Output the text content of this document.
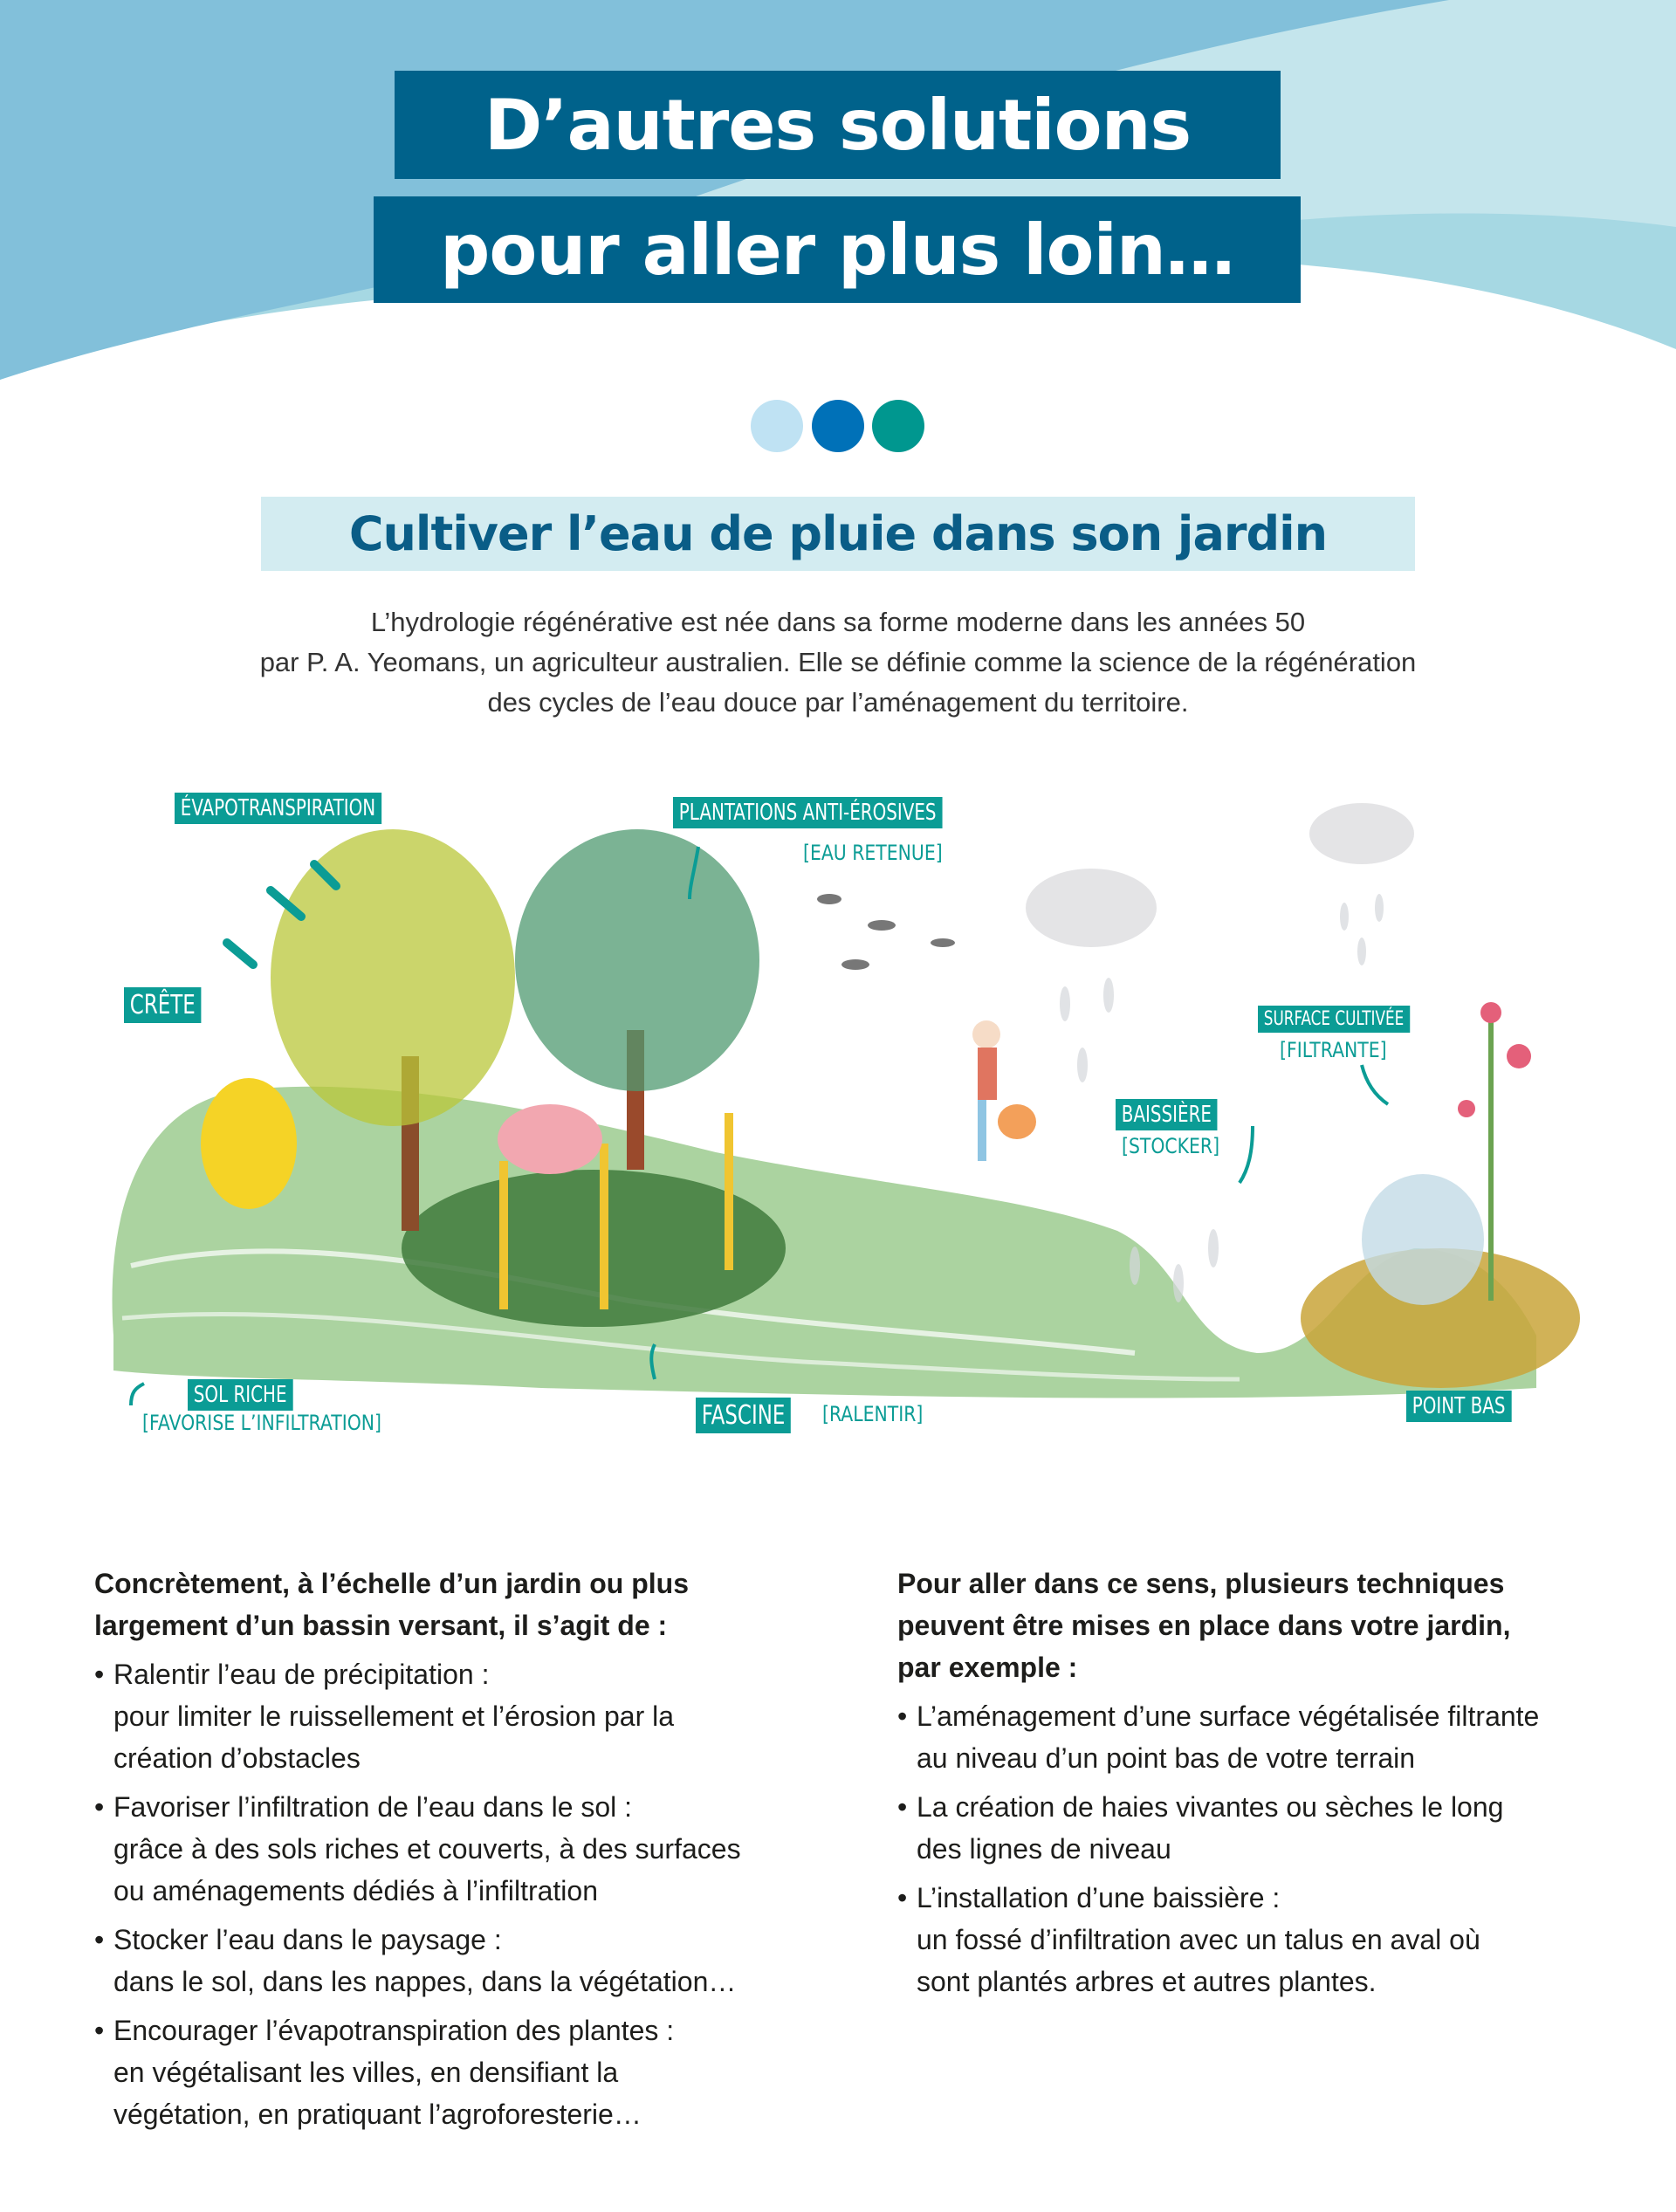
D’autres solutions
pour aller plus loin…
Cultiver l’eau de pluie dans son jardin
L’hydrologie régénérative est née dans sa forme moderne dans les années 50
par P. A. Yeomans, un agriculteur australien. Elle se définie comme la science de la régénération
des cycles de l’eau douce par l’aménagement du territoire.
ÉVAPOTRANSPIRATION	PLANTATIONS ANTI-ÉROSIVES
[EAU RETENUE]
CRÊTE	SURFACE CULTIVÉE
[FILTRANTE]
BAISSIÈRE
[STOCKER]
SOL RICHE
[FAVORISE L’INFILTRATION]	FASCINE [RALENTIR]	POINT BAS
Concrètement, à l’échelle d’un jardin ou plus
largement d’un bassin versant, il s’agit de :
• Ralentir l’eau de précipitation :
pour limiter le ruissellement et l’érosion par la
création d’obstacles
• Favoriser l’infiltration de l’eau dans le sol :
grâce à des sols riches et couverts, à des surfaces
ou aménagements dédiés à l’infiltration
• Stocker l’eau dans le paysage :
dans le sol, dans les nappes, dans la végétation…
• Encourager l’évapotranspiration des plantes :
en végétalisant les villes, en densifiant la
végétation, en pratiquant l’agroforesterie…
Pour aller dans ce sens, plusieurs techniques
peuvent être mises en place dans votre jardin,
par exemple :
• L’aménagement d’une surface végétalisée filtrante
au niveau d’un point bas de votre terrain
• La création de haies vivantes ou sèches le long
des lignes de niveau
• L’installation d’une baissière :
un fossé d’infiltration avec un talus en aval où
sont plantés arbres et autres plantes.
